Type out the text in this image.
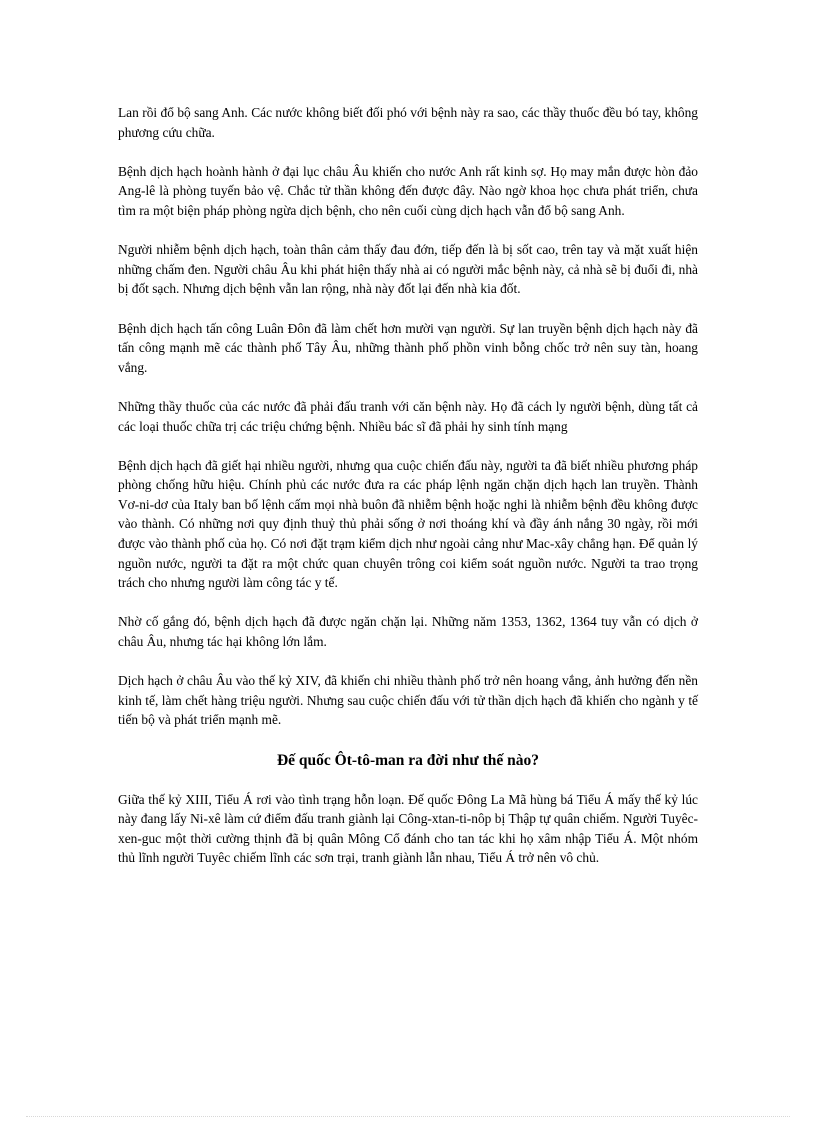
Lan rồi đổ bộ sang Anh. Các nước không biết đối phó với bệnh này ra sao, các thầy thuốc đều bó tay, không phương cứu chữa.

Bệnh dịch hạch hoành hành ở đại lục châu Âu khiến cho nước Anh rất kinh sợ. Họ may mắn được hòn đảo Ang-lê là phòng tuyến bảo vệ. Chắc tử thần không đến được đây. Nào ngờ khoa học chưa phát triển, chưa tìm ra một biện pháp phòng ngừa dịch bệnh, cho nên cuối cùng dịch hạch vẫn đổ bộ sang Anh.

Người nhiễm bệnh dịch hạch, toàn thân cảm thấy đau đớn, tiếp đến là bị sốt cao, trên tay và mặt xuất hiện những chấm đen. Người châu Âu khi phát hiện thấy nhà ai có người mắc bệnh này, cả nhà sẽ bị đuổi đi, nhà bị đốt sạch. Nhưng dịch bệnh vẫn lan rộng, nhà này đốt lại đến nhà kia đốt.

Bệnh dịch hạch tấn công Luân Đôn đã làm chết hơn mười vạn người. Sự lan truyền bệnh dịch hạch này đã tấn công mạnh mẽ các thành phố Tây Âu, những thành phố phồn vinh bỗng chốc trở nên suy tàn, hoang vắng.

Những thầy thuốc của các nước đã phải đấu tranh với căn bệnh này. Họ đã cách ly người bệnh, dùng tất cả các loại thuốc chữa trị các triệu chứng bệnh. Nhiều bác sĩ đã phải hy sinh tính mạng

Bệnh dịch hạch đã giết hại nhiều người, nhưng qua cuộc chiến đấu này, người ta đã biết nhiều phương pháp phòng chống hữu hiệu. Chính phủ các nước đưa ra các pháp lệnh ngăn chặn dịch hạch lan truyền. Thành Vơ-ni-dơ của Italy ban bố lệnh cấm mọi nhà buôn đã nhiễm bệnh hoặc nghi là nhiễm bệnh đều không được vào thành. Có những nơi quy định thuỷ thủ phải sống ở nơi thoáng khí và đầy ánh nắng 30 ngày, rồi mới được vào thành phố của họ. Có nơi đặt trạm kiểm dịch như ngoài cảng như Mac-xây chẳng hạn. Để quản lý nguồn nước, người ta đặt ra một chức quan chuyên trông coi kiểm soát nguồn nước. Người ta trao trọng trách cho nhưng người làm công tác y tế.

Nhờ cố gắng đó, bệnh dịch hạch đã được ngăn chặn lại. Những năm 1353, 1362, 1364 tuy vẫn có dịch ở châu Âu, nhưng tác hại không lớn lắm.

Dịch hạch ở châu Âu vào thế kỷ XIV, đã khiến chi nhiều thành phố trở nên hoang vắng, ảnh hưởng đến nền kinh tế, làm chết hàng triệu người. Nhưng sau cuộc chiến đấu với tử thần dịch hạch đã khiến cho ngành y tế tiến bộ và phát triển mạnh mẽ.

Đế quốc Ôt-tô-man ra đời như thế nào?

Giữa thế kỷ XIII, Tiểu Á rơi vào tình trạng hỗn loạn. Đế quốc Đông La Mã hùng bá Tiểu Á mấy thế kỷ lúc này đang lấy Ni-xê làm cứ điểm đấu tranh giành lại Công-xtan-ti-nôp bị Thập tự quân chiếm. Người Tuyêc-xen-guc một thời cường thịnh đã bị quân Mông Cổ đánh cho tan tác khi họ xâm nhập Tiểu Á. Một nhóm thủ lĩnh người Tuyêc chiếm lĩnh các sơn trại, tranh giành lẫn nhau, Tiểu Á trở nên vô chủ.
